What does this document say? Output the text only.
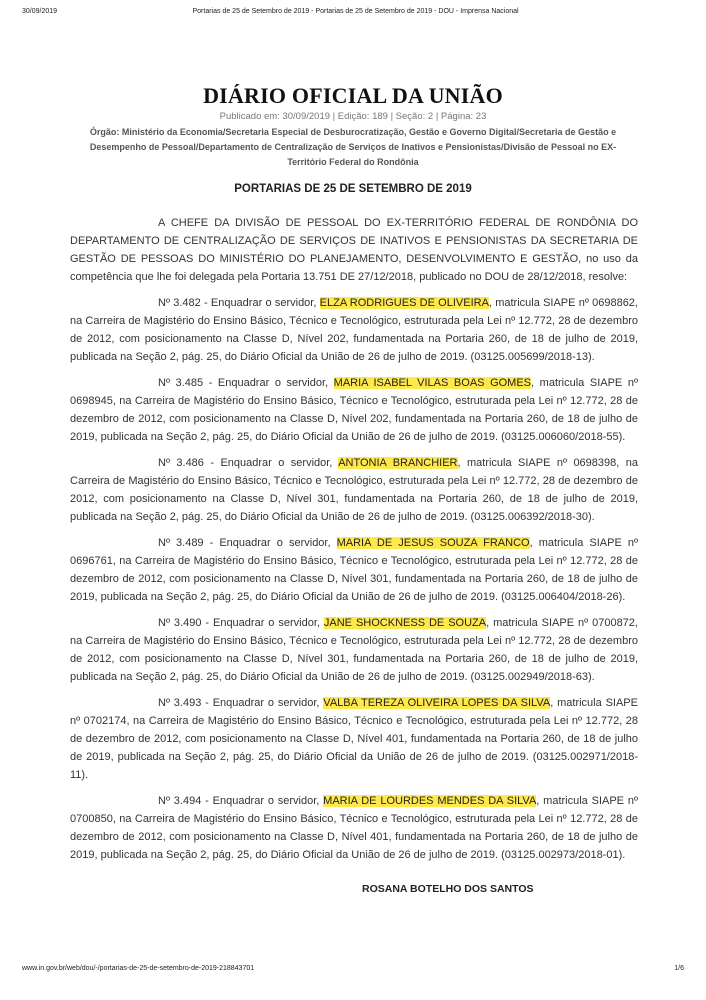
30/09/2019	Portarias de 25 de Setembro de 2019 - Portarias de 25 de Setembro de 2019 - DOU - Imprensa Nacional
DIÁRIO OFICIAL DA UNIÃO
Publicado em: 30/09/2019 | Edição: 189 | Seção: 2 | Página: 23
Órgão: Ministério da Economia/Secretaria Especial de Desburocratização, Gestão e Governo Digital/Secretaria de Gestão e Desempenho de Pessoal/Departamento de Centralização de Serviços de Inativos e Pensionistas/Divisão de Pessoal no EX-Território Federal do Rondônia
PORTARIAS DE 25 DE SETEMBRO DE 2019

A CHEFE DA DIVISÃO DE PESSOAL DO EX-TERRITÓRIO FEDERAL DE RONDÔNIA DO DEPARTAMENTO DE CENTRALIZAÇÃO DE SERVIÇOS DE INATIVOS E PENSIONISTAS DA SECRETARIA DE GESTÃO DE PESSOAS DO MINISTÉRIO DO PLANEJAMENTO, DESENVOLVIMENTO E GESTÃO, no uso da competência que lhe foi delegada pela Portaria 13.751 DE 27/12/2018, publicado no DOU de 28/12/2018, resolve:

Nº 3.482 - Enquadrar o servidor, ELZA RODRIGUES DE OLIVEIRA, matricula SIAPE nº 0698862, na Carreira de Magistério do Ensino Básico, Técnico e Tecnológico, estruturada pela Lei nº 12.772, 28 de dezembro de 2012, com posicionamento na Classe D, Nível 202, fundamentada na Portaria 260, de 18 de julho de 2019, publicada na Seção 2, pág. 25, do Diário Oficial da União de 26 de julho de 2019. (03125.005699/2018-13).

Nº 3.485 - Enquadrar o servidor, MARIA ISABEL VILAS BOAS GOMES, matricula SIAPE nº 0698945, na Carreira de Magistério do Ensino Básico, Técnico e Tecnológico, estruturada pela Lei nº 12.772, 28 de dezembro de 2012, com posicionamento na Classe D, Nível 202, fundamentada na Portaria 260, de 18 de julho de 2019, publicada na Seção 2, pág. 25, do Diário Oficial da União de 26 de julho de 2019. (03125.006060/2018-55).

Nº 3.486 - Enquadrar o servidor, ANTONIA BRANCHIER, matricula SIAPE nº 0698398, na Carreira de Magistério do Ensino Básico, Técnico e Tecnológico, estruturada pela Lei nº 12.772, 28 de dezembro de 2012, com posicionamento na Classe D, Nível 301, fundamentada na Portaria 260, de 18 de julho de 2019, publicada na Seção 2, pág. 25, do Diário Oficial da União de 26 de julho de 2019. (03125.006392/2018-30).

Nº 3.489 - Enquadrar o servidor, MARIA DE JESUS SOUZA FRANCO, matricula SIAPE nº 0696761, na Carreira de Magistério do Ensino Básico, Técnico e Tecnológico, estruturada pela Lei nº 12.772, 28 de dezembro de 2012, com posicionamento na Classe D, Nível 301, fundamentada na Portaria 260, de 18 de julho de 2019, publicada na Seção 2, pág. 25, do Diário Oficial da União de 26 de julho de 2019. (03125.006404/2018-26).

Nº 3.490 - Enquadrar o servidor, JANE SHOCKNESS DE SOUZA, matricula SIAPE nº 0700872, na Carreira de Magistério do Ensino Básico, Técnico e Tecnológico, estruturada pela Lei nº 12.772, 28 de dezembro de 2012, com posicionamento na Classe D, Nível 301, fundamentada na Portaria 260, de 18 de julho de 2019, publicada na Seção 2, pág. 25, do Diário Oficial da União de 26 de julho de 2019. (03125.002949/2018-63).

Nº 3.493 - Enquadrar o servidor, VALBA TEREZA OLIVEIRA LOPES DA SILVA, matricula SIAPE nº 0702174, na Carreira de Magistério do Ensino Básico, Técnico e Tecnológico, estruturada pela Lei nº 12.772, 28 de dezembro de 2012, com posicionamento na Classe D, Nível 401, fundamentada na Portaria 260, de 18 de julho de 2019, publicada na Seção 2, pág. 25, do Diário Oficial da União de 26 de julho de 2019. (03125.002971/2018-11).

Nº 3.494 - Enquadrar o servidor, MARIA DE LOURDES MENDES DA SILVA, matricula SIAPE nº 0700850, na Carreira de Magistério do Ensino Básico, Técnico e Tecnológico, estruturada pela Lei nº 12.772, 28 de dezembro de 2012, com posicionamento na Classe D, Nível 401, fundamentada na Portaria 260, de 18 de julho de 2019, publicada na Seção 2, pág. 25, do Diário Oficial da União de 26 de julho de 2019. (03125.002973/2018-01).

ROSANA BOTELHO DOS SANTOS
www.in.gov.br/web/dou/-/portarias-de-25-de-setembro-de-2019-218843701	1/6
